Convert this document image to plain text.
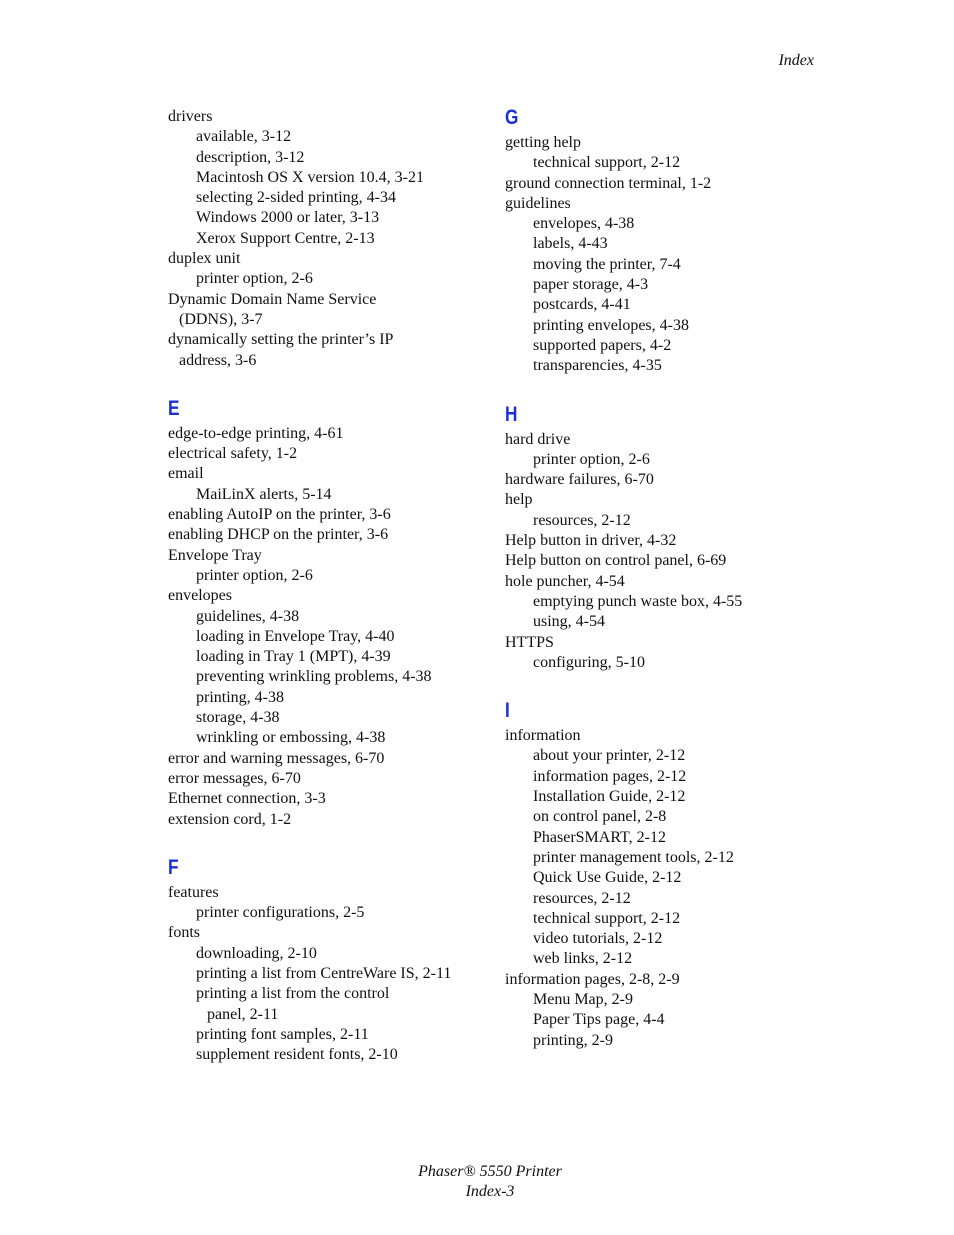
Index
drivers
available, 3-12
description, 3-12
Macintosh OS X version 10.4, 3-21
selecting 2-sided printing, 4-34
Windows 2000 or later, 3-13
Xerox Support Centre, 2-13
duplex unit
printer option, 2-6
Dynamic Domain Name Service
(DDNS), 3-7
dynamically setting the printer’s IP
address, 3-6
E
edge-to-edge printing, 4-61
electrical safety, 1-2
email
MaiLinX alerts, 5-14
enabling AutoIP on the printer, 3-6
enabling DHCP on the printer, 3-6
Envelope Tray
printer option, 2-6
envelopes
guidelines, 4-38
loading in Envelope Tray, 4-40
loading in Tray 1 (MPT), 4-39
preventing wrinkling problems, 4-38
printing, 4-38
storage, 4-38
wrinkling or embossing, 4-38
error and warning messages, 6-70
error messages, 6-70
Ethernet connection, 3-3
extension cord, 1-2
F
features
printer configurations, 2-5
fonts
downloading, 2-10
printing a list from CentreWare IS, 2-11
printing a list from the control
panel, 2-11
printing font samples, 2-11
supplement resident fonts, 2-10
G
getting help
technical support, 2-12
ground connection terminal, 1-2
guidelines
envelopes, 4-38
labels, 4-43
moving the printer, 7-4
paper storage, 4-3
postcards, 4-41
printing envelopes, 4-38
supported papers, 4-2
transparencies, 4-35
H
hard drive
printer option, 2-6
hardware failures, 6-70
help
resources, 2-12
Help button in driver, 4-32
Help button on control panel, 6-69
hole puncher, 4-54
emptying punch waste box, 4-55
using, 4-54
HTTPS
configuring, 5-10
I
information
about your printer, 2-12
information pages, 2-12
Installation Guide, 2-12
on control panel, 2-8
PhaserSMART, 2-12
printer management tools, 2-12
Quick Use Guide, 2-12
resources, 2-12
technical support, 2-12
video tutorials, 2-12
web links, 2-12
information pages, 2-8, 2-9
Menu Map, 2-9
Paper Tips page, 4-4
printing, 2-9
Phaser® 5550 Printer
Index-3
